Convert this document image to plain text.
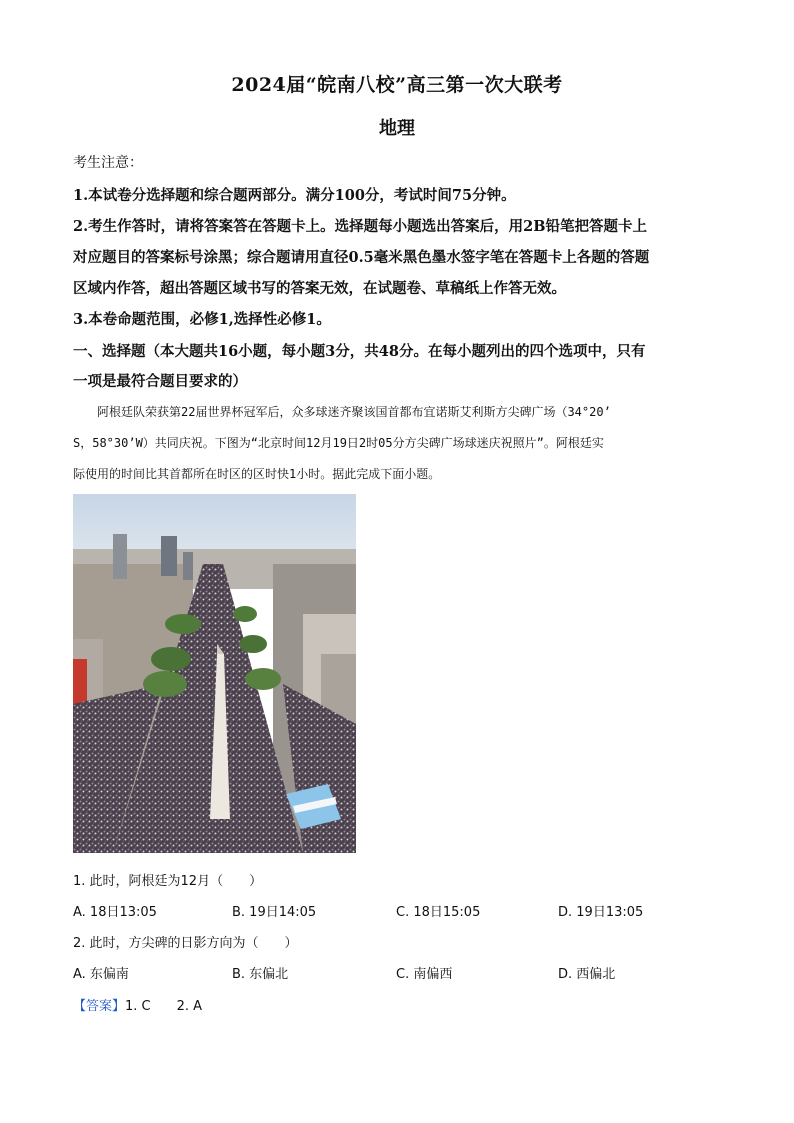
2024届“皖南八校”高三第一次大联考
地理
考生注意：
1.本试卷分选择题和综合题两部分。满分100分，考试时间75分钟。
2.考生作答时，请将答案答在答题卡上。选择题每小题选出答案后，用2B铅笔把答题卡上
对应题目的答案标号涂黑；综合题请用直径0.5毫米黑色墨水签字笔在答题卡上各题的答题
区域内作答，超出答题区域书写的答案无效，在试题卷、草稿纸上作答无效。
3.本卷命题范围，必修1,选择性必修1。
一、选择题（本大题共16小题，每小题3分，共48分。在每小题列出的四个选项中，只有
一项是最符合题目要求的）
阿根廷队荣获第22届世界杯冠军后，众多球迷齐聚该国首都布宜诺斯艾利斯方尖碑广场（34°20’
S，58°30’W）共同庆祝。下图为“北京时间12月19日2时05分方尖碑广场球迷庆祝照片”。阿根廷实
际使用的时间比其首都所在时区的区时快1小时。据此完成下面小题。
1. 此时，阿根廷为12月（　　）
A. 18日13:05	B. 19日14:05	C. 18日15:05	D. 19日13:05
2. 此时，方尖碑的日影方向为（　　）
A. 东偏南	B. 东偏北	C. 南偏西	D. 西偏北
【答案】1. C　　2. A
